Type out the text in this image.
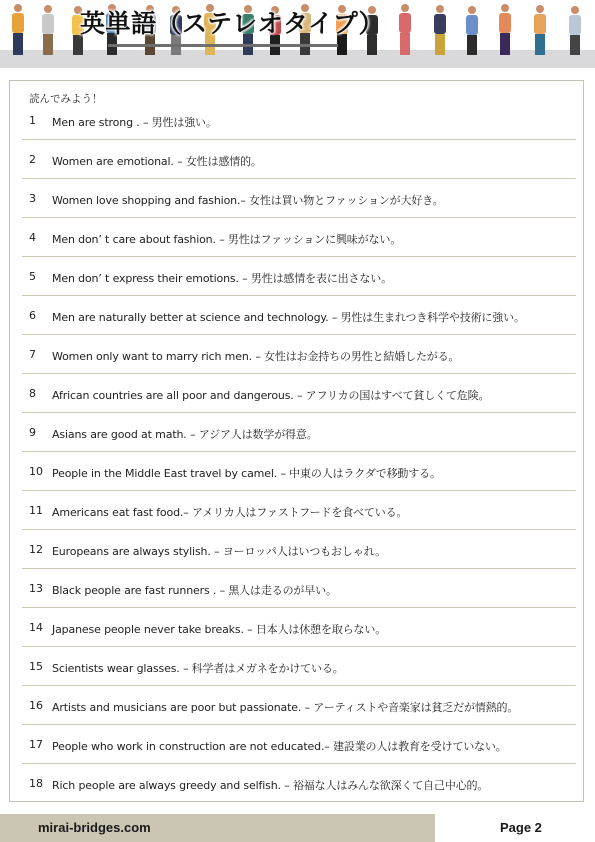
英単語（ステレオタイプ）
読んでみよう！
1	Men are strong . – 男性は強い。
2	Women are emotional. – 女性は感情的。
3	Women love shopping and fashion.– 女性は買い物とファッションが大好き。
4	Men don’ t care about fashion. – 男性はファッションに興味がない。
5	Men don’ t express their emotions. – 男性は感情を表に出さない。
6	Men are naturally better at science and technology. – 男性は生まれつき科学や技術に強い。
7	Women only want to marry rich men. – 女性はお金持ちの男性と結婚したがる。
8	African countries are all poor and dangerous. – アフリカの国はすべて貧しくて危険。
9	Asians are good at math. – アジア人は数学が得意。
10 People in the Middle East travel by camel. – 中東の人はラクダで移動する。
11 Americans eat fast food.– アメリカ人はファストフードを食べている。
12 Europeans are always stylish. – ヨーロッパ人はいつもおしゃれ。
13 Black people are fast runners . – 黒人は走るのが早い。
14 Japanese people never take breaks. – 日本人は休憩を取らない。
15 Scientists wear glasses. – 科学者はメガネをかけている。
16 Artists and musicians are poor but passionate. – アーティストや音楽家は貧乏だが情熱的。
17 People who work in construction are not educated.– 建設業の人は教育を受けていない。
18 Rich people are always greedy and selfish. – 裕福な人はみんな欲深くて自己中心的。
mirai-bridges.com	Page 2
